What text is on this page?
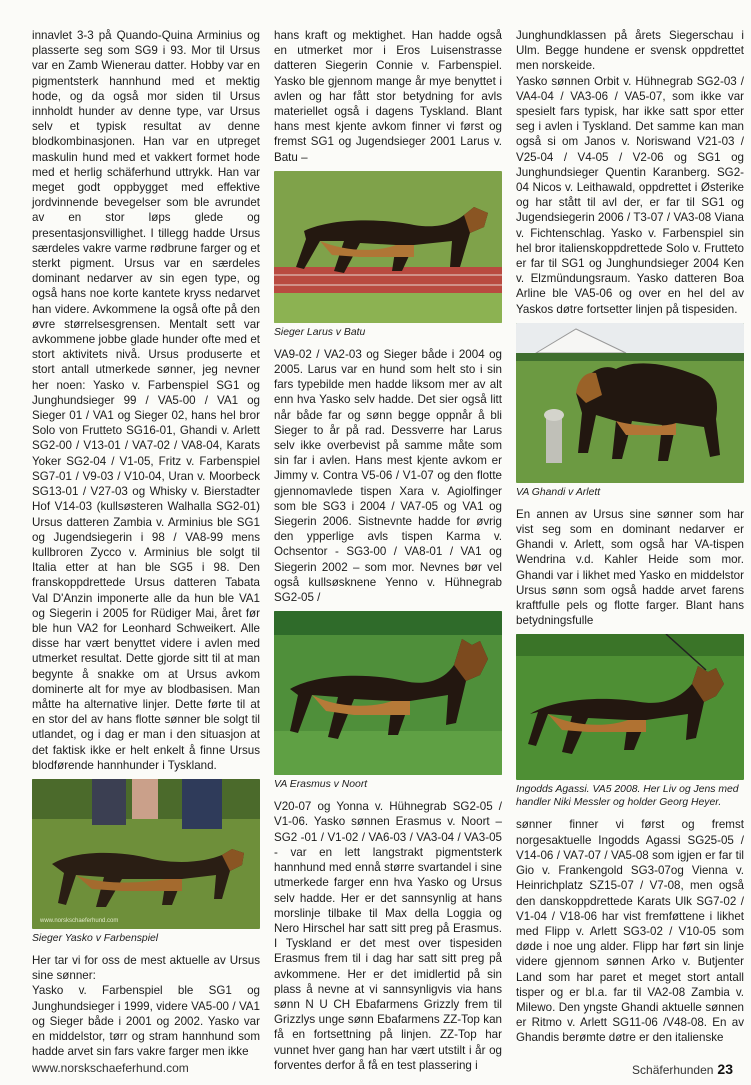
innavlet 3-3 på Quando-Quina Arminius og plasserte seg som SG9 i 93. Mor til Ursus var en Zamb Wienerau datter. Hobby var en pigmentsterk hannhund med et mektig hode, og da også mor siden til Ursus innholdt hunder av denne type, var Ursus selv et typisk resultat av denne blodkombinasjonen. Han var en utpreget maskulin hund med et vakkert formet hode med et herlig schäferhund uttrykk. Han var meget godt oppbygget med effektive jordvinnende bevegelser som ble avrundet av en stor løps glede og presentasjonsvillighet. I tillegg hadde Ursus særdeles vakre varme rødbrune farger og et sterkt pigment. Ursus var en særdeles dominant nedarver av sin egen type, og også hans noe korte kantete kryss nedarvet han videre. Avkommene la også ofte på den øvre størrelsesgrensen. Mentalt sett var avkommene jobbe glade hunder ofte med et stort aktivitets nivå. Ursus produserte et stort antall utmerkede sønner, jeg nevner her noen: Yasko v. Farbenspiel SG1 og Junghundsieger 99 / VA5-00 / VA1 og Sieger 01 / VA1 og Sieger 02, hans hel bror Solo von Frutteto SG16-01, Ghandi v. Arlett SG2-00 / V13-01 / VA7-02 / VA8-04, Karats Yoker SG2-04 / V1-05, Fritz v. Farbenspiel SG7-01 / V9-03 / V10-04, Uran v. Moorbeck SG13-01 / V27-03 og Whisky v. Bierstadter Hof V14-03 (kullsøsteren Walhalla SG2-01) Ursus datteren Zambia v. Arminius ble SG1 og Jugendsiegerin i 98 / VA8-99 mens kullbroren Zycco v. Arminius ble solgt til Italia etter at han ble SG5 i 98. Den franskoppdrettede Ursus datteren Tabata Val D'Anzin imponerte alle da hun ble VA1 og Siegerin i 2005 for Rüdiger Mai, året før ble hun VA2 for Leonhard Schweikert. Alle disse har vært benyttet videre i avlen med utmerket resultat. Dette gjorde sitt til at man begynte å snakke om at Ursus avkom dominerte alt for mye av blodbasisen. Man måtte ha alternative linjer. Dette førte til at en stor del av hans flotte sønner ble solgt til utlandet, og i dag er man i den situasjon at det faktisk ikke er helt enkelt å finne Ursus blodførende hannhunder i Tyskland.

www.norskschaeferhund.com
Sieger Yasko v Farbenspiel

Her tar vi for oss de mest aktuelle av Ursus sine sønner:

Yasko v. Farbenspiel ble SG1 og Junghundsieger i 1999, videre VA5-00 / VA1 og Sieger både i 2001 og 2002. Yasko var en middelstor, tørr og stram hannhund som hadde arvet sin fars vakre farger men ikke

hans kraft og mektighet. Han hadde også en utmerket mor i Eros Luisenstrasse datteren Siegerin Connie v. Farbenspiel. Yasko ble gjennom mange år mye benyttet i avlen og har fått stor betydning for avls materiellet også i dagens Tyskland. Blant hans mest kjente avkom finner vi først og fremst SG1 og Jugendsieger 2001 Larus v. Batu –

Sieger Larus v Batu

VA9-02 / VA2-03 og Sieger både i 2004 og 2005. Larus var en hund som helt sto i sin fars typebilde men hadde liksom mer av alt enn hva Yasko selv hadde. Det sier også litt når både far og sønn begge oppnår å bli Sieger to år på rad. Dessverre har Larus selv ikke overbevist på samme måte som sin far i avlen. Hans mest kjente avkom er Jimmy v. Contra V5-06 / V1-07 og den flotte gjennomavlede tispen Xara v. Agiolfinger som ble SG3 i 2004 / VA7-05 og VA1 og Siegerin 2006. Sistnevnte hadde for øvrig den ypperlige avls tispen Karma v. Ochsentor - SG3-00 / VA8-01 / VA1 og Siegerin 2002 – som mor. Nevnes bør vel også kullsøsknene Yenno v. Hühnegrab SG2-05 /

VA Erasmus v Noort

V20-07 og Yonna v. Hühnegrab SG2-05 / V1-06. Yasko sønnen Erasmus v. Noort – SG2 -01 / V1-02 / VA6-03 / VA3-04 / VA3-05 - var en lett langstrakt pigmentsterk hannhund med ennå større svartandel i sine utmerkede farger enn hva Yasko og Ursus selv hadde. Her er det sannsynlig at hans morslinje tilbake til Max della Loggia og Nero Hirschel har satt sitt preg på Erasmus. I Tyskland er det mest over tispesiden Erasmus frem til i dag har satt sitt preg på avkommene. Her er det imidlertid på sin plass å nevne at vi sannsynligvis via hans sønn N U CH Ebafarmens Grizzly frem til Grizzlys unge sønn Ebafarmens ZZ-Top kan få en fortsettning på linjen. ZZ-Top har vunnet hver gang han har vært utstilt i år og forventes derfor å få en test plassering i

Junghundklassen på årets Siegerschau i Ulm. Begge hundene er svensk oppdrettet men norskeide.

Yasko sønnen Orbit v. Hühnegrab SG2-03 / VA4-04 / VA3-06 / VA5-07, som ikke var spesielt fars typisk, har ikke satt spor etter seg i avlen i Tyskland. Det samme kan man også si om Janos v. Noriswand V21-03 / V25-04 / V4-05 / V2-06 og SG1 og Junghundsieger Quentin Karanberg. SG2-04 Nicos v. Leithawald, oppdrettet i Østerike og har stått til avl der, er far til SG1 og Jugendsiegerin 2006 / T3-07 / VA3-08 Viana v. Fichtenschlag. Yasko v. Farbenspiel sin hel bror italienskoppdrettede Solo v. Frutteto er far til SG1 og Junghundsieger 2004 Ken v. Elzmündungsraum. Yasko datteren Boa Arline ble VA5-06 og over en hel del av Yaskos døtre fortsetter linjen på tispesiden.

VA Ghandi v Arlett

En annen av Ursus sine sønner som har vist seg som en dominant nedarver er Ghandi v. Arlett, som også har VA-tispen Wendrina v.d. Kahler Heide som mor. Ghandi var i likhet med Yasko en middelstor Ursus sønn som også hadde arvet farens kraftfulle pels og flotte farger. Blant hans betydningsfulle

Ingodds Agassi. VA5 2008. Her Liv og Jens med handler Niki Messler og holder Georg Heyer.

sønner finner vi først og fremst norgesaktuelle Ingodds Agassi SG25-05 / V14-06 / VA7-07 / VA5-08 som igjen er far til Gio v. Frankengold SG3-07og Vienna v. Heinrichplatz SZ15-07 / V7-08, men også den danskoppdrettede Karats Ulk SG7-02 / V1-04 / V18-06 har vist fremføttene i likhet med Flipp v. Arlett SG3-02 / V10-05 som døde i noe ung alder. Flipp har ført sin linje videre gjennom sønnen Arko v. Butjenter Land som har paret et meget stort antall tisper og er bl.a. far til VA2-08 Zambia v. Milewo. Den yngste Ghandi aktuelle sønnen er Ritmo v. Arlett SG11-06 /V48-08. En av Ghandis berømte døtre er den italienske

www.norskschaeferhund.com	Schäferhunden 23
